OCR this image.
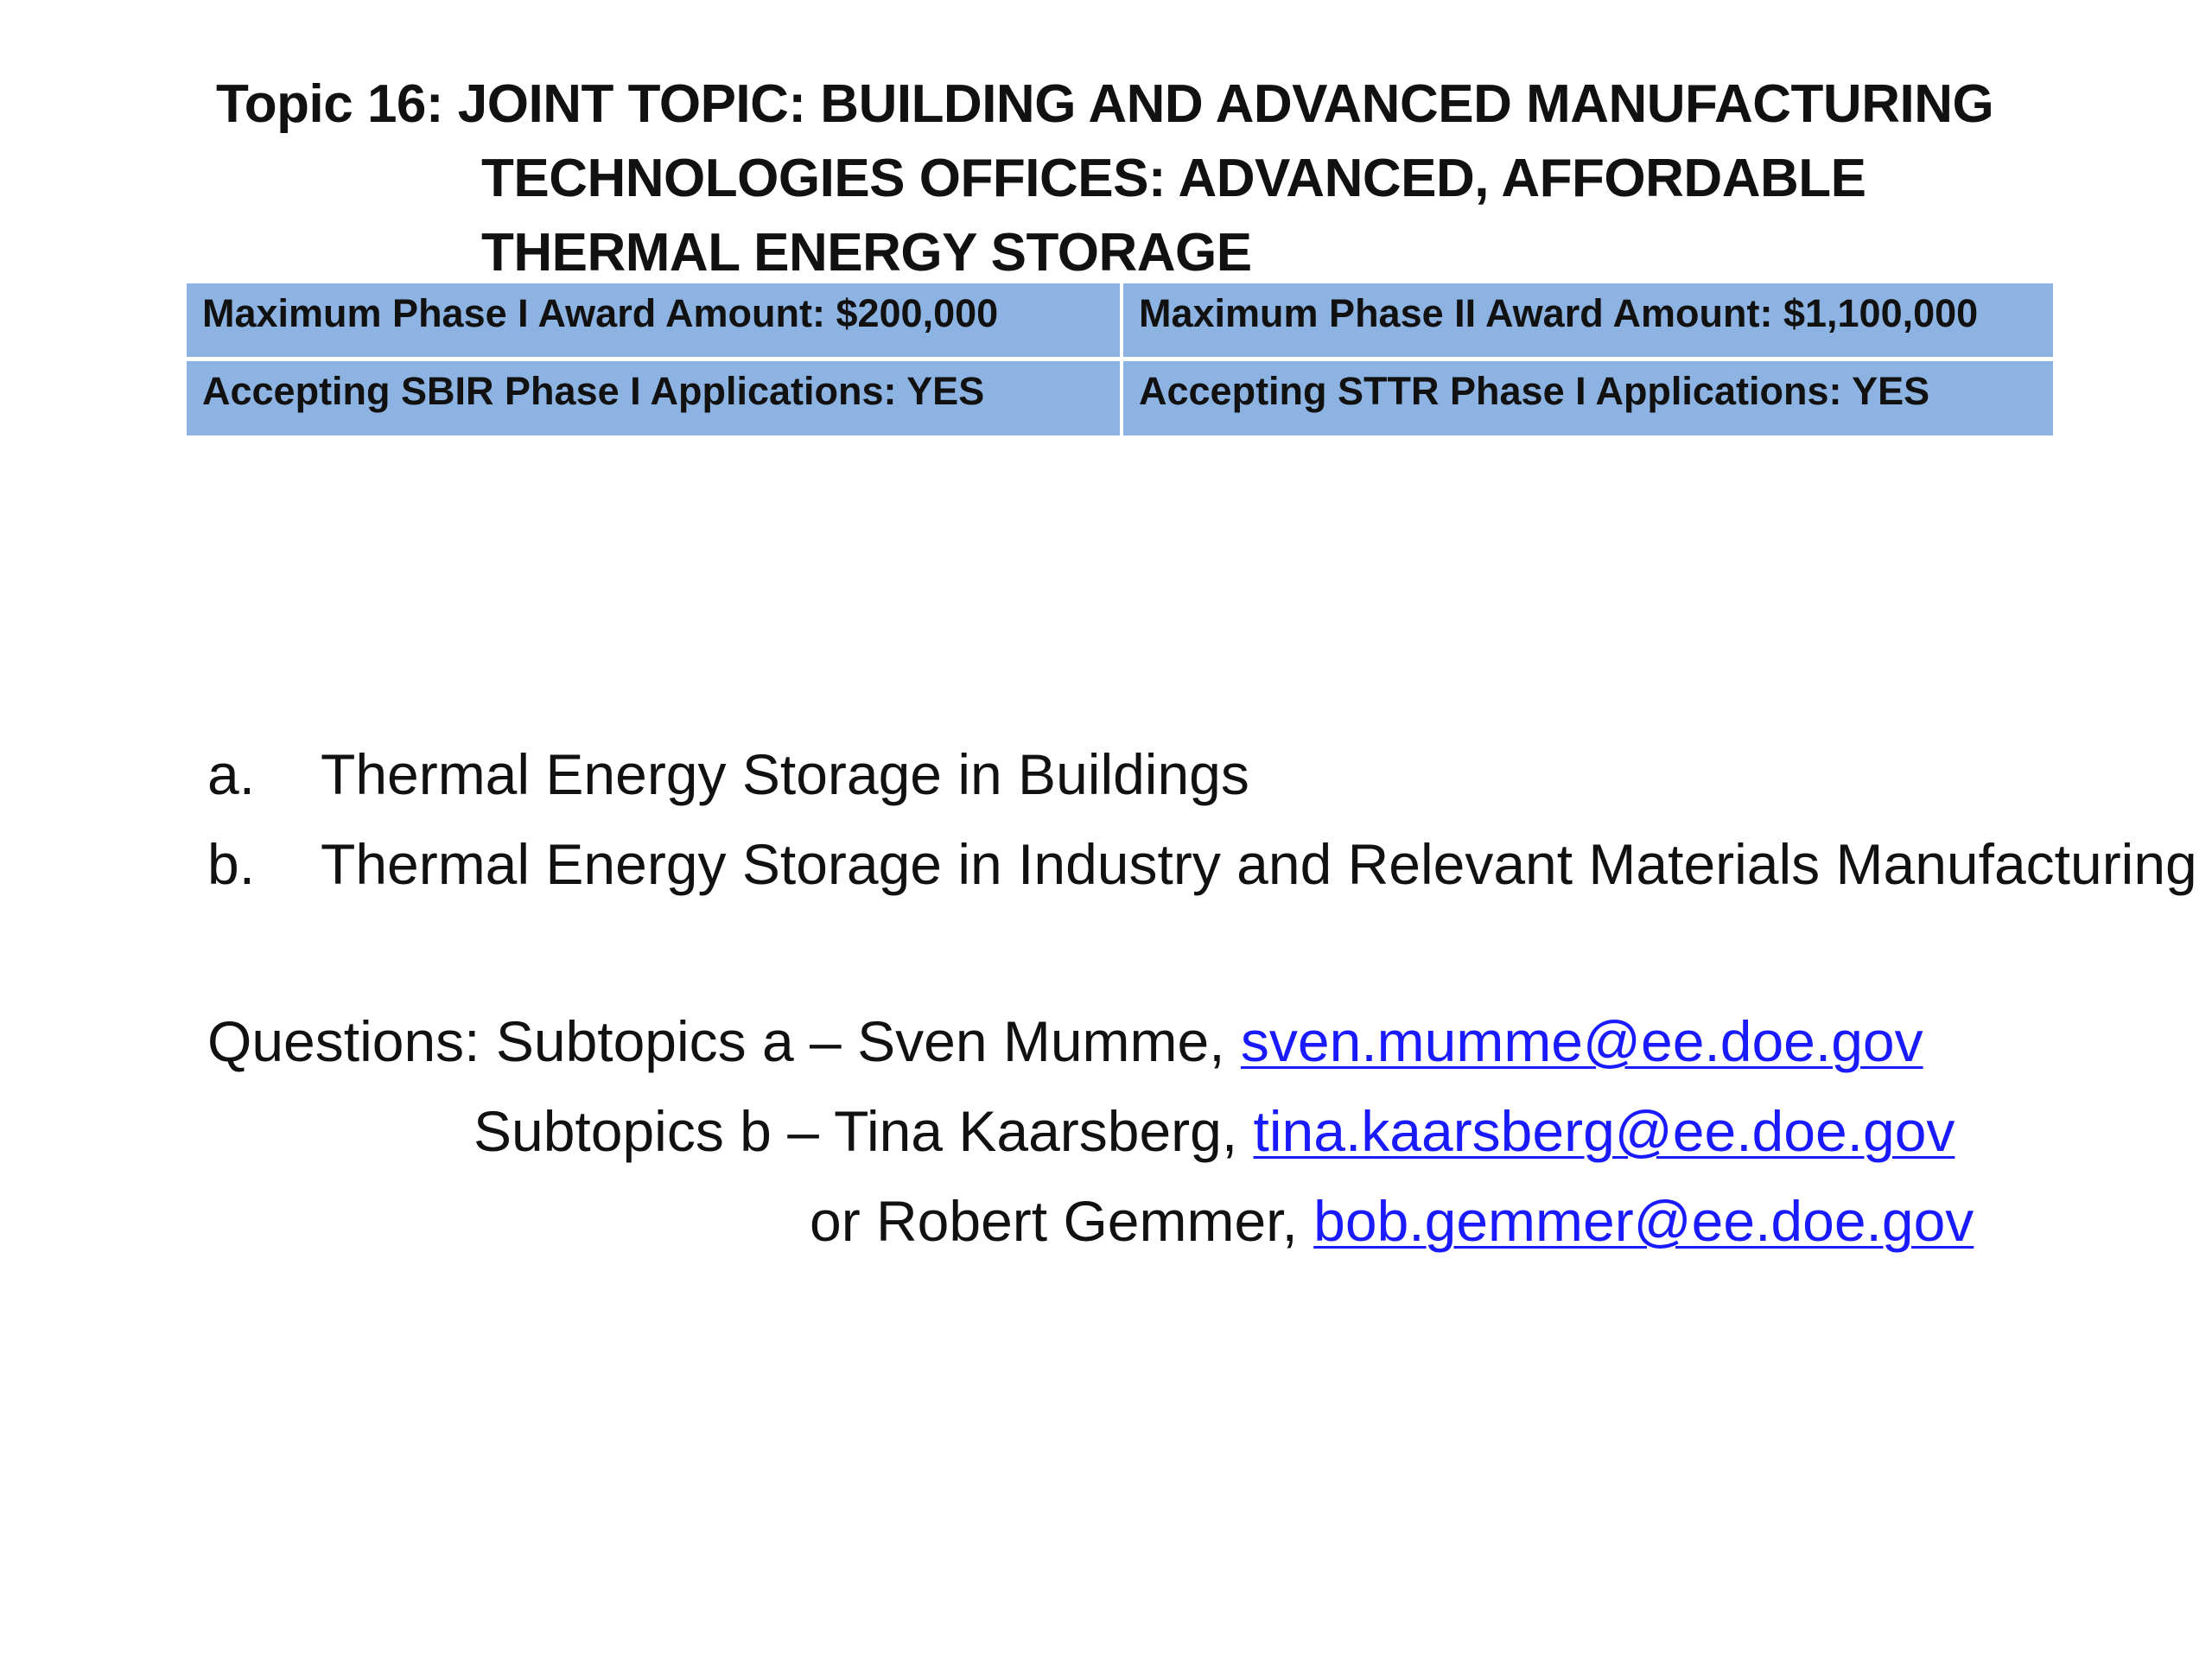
Topic 16: JOINT TOPIC: BUILDING AND ADVANCED MANUFACTURING
TECHNOLOGIES OFFICES: ADVANCED, AFFORDABLE
THERMAL ENERGY STORAGE
Maximum Phase I Award Amount: $200,000	Maximum Phase II Award Amount: $1,100,000
Accepting SBIR Phase I Applications: YES	Accepting STTR Phase I Applications: YES
a.	Thermal Energy Storage in Buildings
b.	Thermal Energy Storage in Industry and Relevant Materials Manufacturing
Questions: Subtopics a – Sven Mumme, sven.mumme@ee.doe.gov
Subtopics b – Tina Kaarsberg, tina.kaarsberg@ee.doe.gov
or Robert Gemmer, bob.gemmer@ee.doe.gov
